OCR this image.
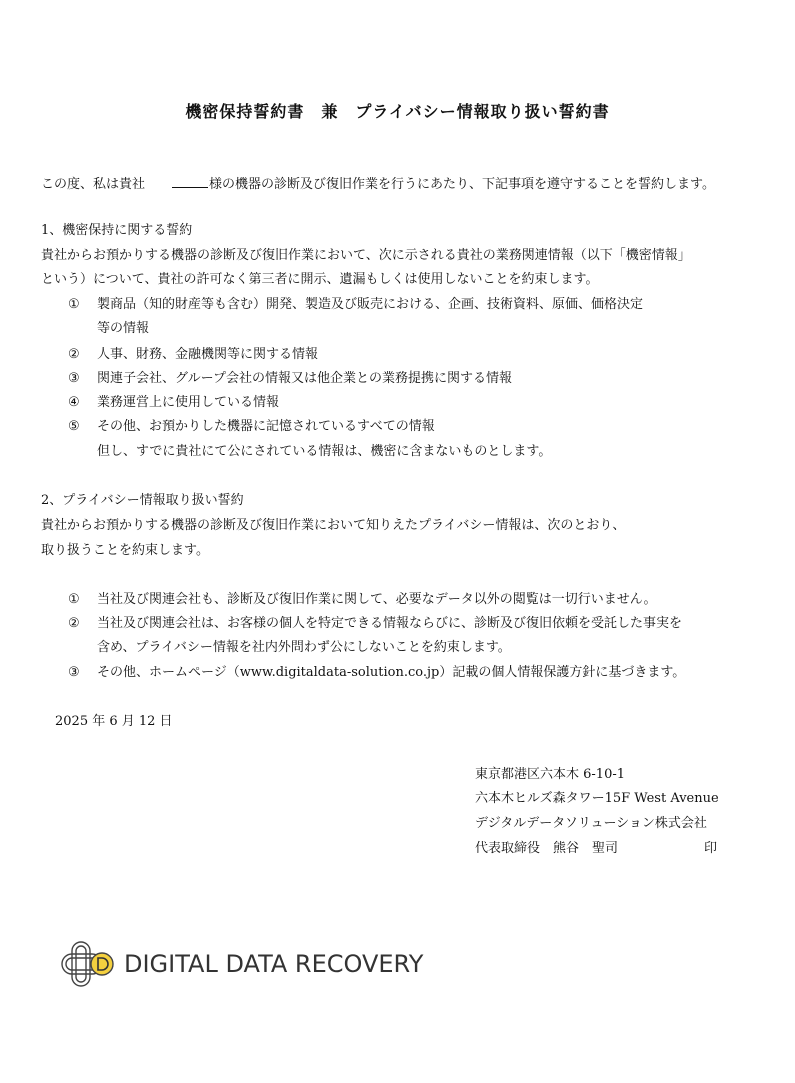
機密保持誓約書　兼　プライバシー情報取り扱い誓約書
この度、私は貴社　	様の機器の診断及び復旧作業を行うにあたり、下記事項を遵守することを誓約します。
1、機密保持に関する誓約
貴社からお預かりする機器の診断及び復旧作業において、次に示される貴社の業務関連情報（以下「機密情報」
という）について、貴社の許可なく第三者に開示、遺漏もしくは使用しないことを約束します。
① 製商品（知的財産等も含む）開発、製造及び販売における、企画、技術資料、原価、価格決定
等の情報
② 人事、財務、金融機関等に関する情報
③ 関連子会社、グループ会社の情報又は他企業との業務提携に関する情報
④ 業務運営上に使用している情報
⑤ その他、お預かりした機器に記憶されているすべての情報
但し、すでに貴社にて公にされている情報は、機密に含まないものとします。
2、プライバシー情報取り扱い誓約
貴社からお預かりする機器の診断及び復旧作業において知りえたプライバシー情報は、次のとおり、
取り扱うことを約束します。
① 当社及び関連会社も、診断及び復旧作業に関して、必要なデータ以外の閲覧は一切行いません。
② 当社及び関連会社は、お客様の個人を特定できる情報ならびに、診断及び復旧依頼を受託した事実を
含め、プライバシー情報を社内外問わず公にしないことを約束します。
③ その他、ホームページ（www.digitaldata-solution.co.jp）記載の個人情報保護方針に基づきます。
2025 年 6 月 12 日
東京都港区六本木 6-10-1
六本木ヒルズ森タワー15F West Avenue
デジタルデータソリューション株式会社
代表取締役　熊谷　聖司	印
DIGITAL DATA RECOVERY
